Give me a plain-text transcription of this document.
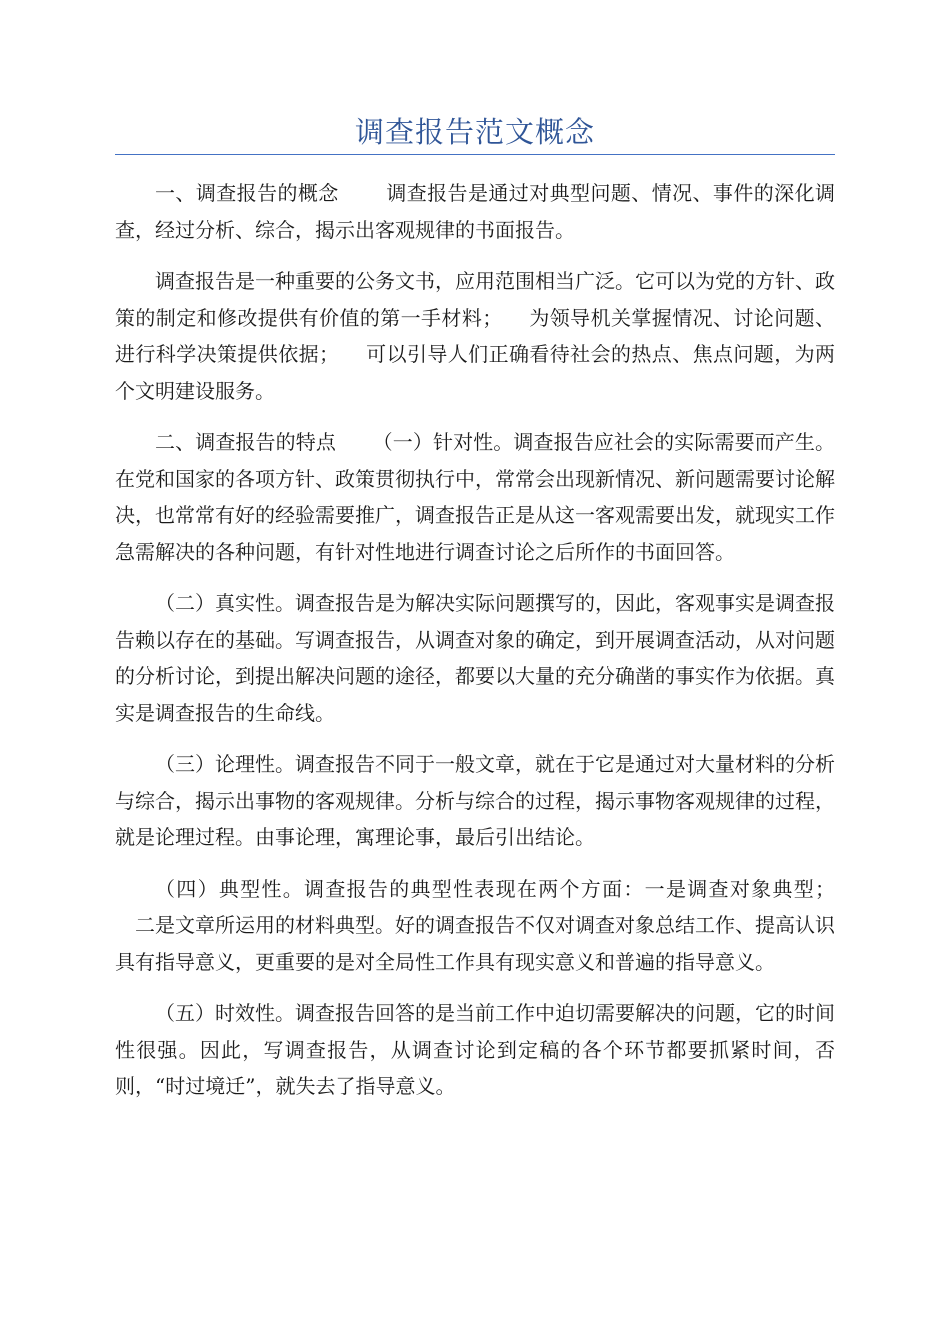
调查报告范文概念

一、调查报告的概念 　　调查报告是通过对典型问题、情况、事件的深化调查，经过分析、综合，揭示出客观规律的书面报告。

调查报告是一种重要的公务文书，应用范围相当广泛。它可以为党的方针、政策的制定和修改提供有价值的第一手材料； 　为领导机关掌握情况、讨论问题、进行科学决策提供依据； 　可以引导人们正确看待社会的热点、焦点问题，为两个文明建设服务。

二、调查报告的特点 　　（一）针对性。调查报告应社会的实际需要而产生。在党和国家的各项方针、政策贯彻执行中，常常会出现新情况、新问题需要讨论解决，也常常有好的经验需要推广，调查报告正是从这一客观需要出发，就现实工作急需解决的各种问题，有针对性地进行调查讨论之后所作的书面回答。

（二）真实性。调查报告是为解决实际问题撰写的，因此，客观事实是调查报告赖以存在的基础。写调查报告，从调查对象的确定，到开展调查活动，从对问题的分析讨论，到提出解决问题的途径，都要以大量的充分确凿的事实作为依据。真实是调查报告的生命线。

（三）论理性。调查报告不同于一般文章，就在于它是通过对大量材料的分析与综合，揭示出事物的客观规律。分析与综合的过程，揭示事物客观规律的过程，就是论理过程。由事论理，寓理论事，最后引出结论。

（四）典型性。调查报告的典型性表现在两个方面：一是调查对象典型； 　二是文章所运用的材料典型。好的调查报告不仅对调查对象总结工作、提高认识具有指导意义，更重要的是对全局性工作具有现实意义和普遍的指导意义。

（五）时效性。调查报告回答的是当前工作中迫切需要解决的问题，它的时间性很强。因此，写调查报告，从调查讨论到定稿的各个环节都要抓紧时间，否则，“时过境迁”，就失去了指导意义。
